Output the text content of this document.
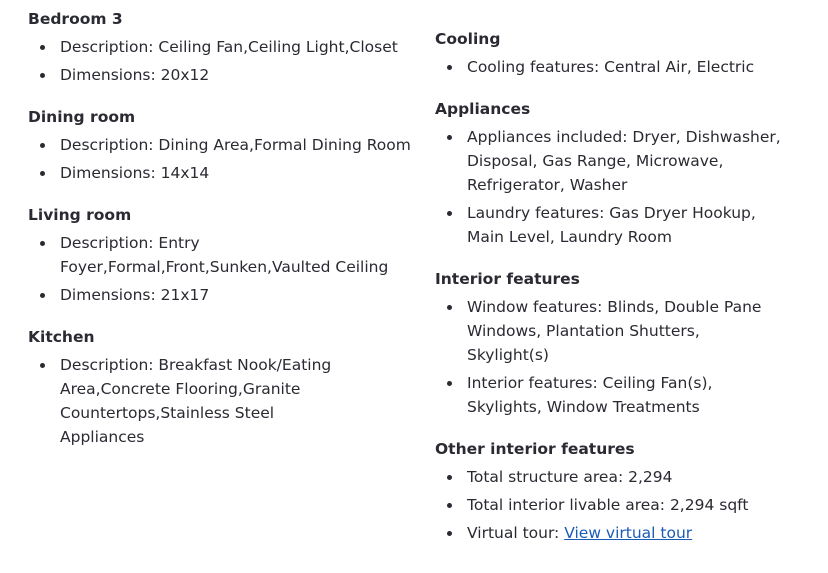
Bedroom 3
Description: Ceiling Fan,Ceiling Light,Closet
Dimensions: 20x12
Dining room
Description: Dining Area,Formal Dining Room
Dimensions: 14x14
Living room
Description: Entry Foyer,Formal,Front,Sunken,Vaulted Ceiling
Dimensions: 21x17
Kitchen
Description: Breakfast Nook/Eating Area,Concrete Flooring,Granite Countertops,Stainless Steel Appliances
Cooling
Cooling features: Central Air, Electric
Appliances
Appliances included: Dryer, Dishwasher, Disposal, Gas Range, Microwave, Refrigerator, Washer
Laundry features: Gas Dryer Hookup, Main Level, Laundry Room
Interior features
Window features: Blinds, Double Pane Windows, Plantation Shutters, Skylight(s)
Interior features: Ceiling Fan(s), Skylights, Window Treatments
Other interior features
Total structure area: 2,294
Total interior livable area: 2,294 sqft
Virtual tour: View virtual tour
